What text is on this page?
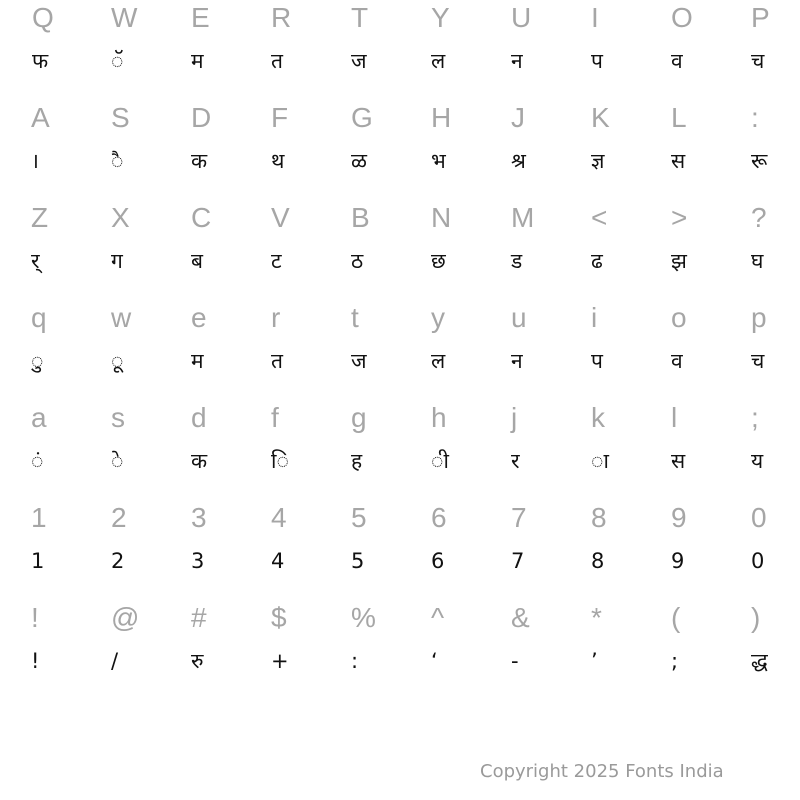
Q
फ
W
ॅ
E
म
R
त
T
ज
Y
ल
U
न
I
प
O
व
P
च
A
।
S
ै
D
क
F
थ
G
ळ
H
भ
J
श्र
K
ज्ञ
L
स
:
रू
Z
र्
X
ग
C
ब
V
ट
B
ठ
N
छ
M
ड
<
ढ
>
झ
?
घ
q
ु
w
ू
e
म
r
त
t
ज
y
ल
u
न
i
प
o
व
p
च
a
ं
s
े
d
क
f
ि
g
ह
h
ी
j
र
k
ा
l
स
;
य
1
1
2
2
3
3
4
4
5
5
6
6
7
7
8
8
9
9
0
0
!
!
@
/
#
रु
$
+
%
:
^
‘
&
-
*
’
(
;
)
द्ध
Copyright 2025 Fonts India
